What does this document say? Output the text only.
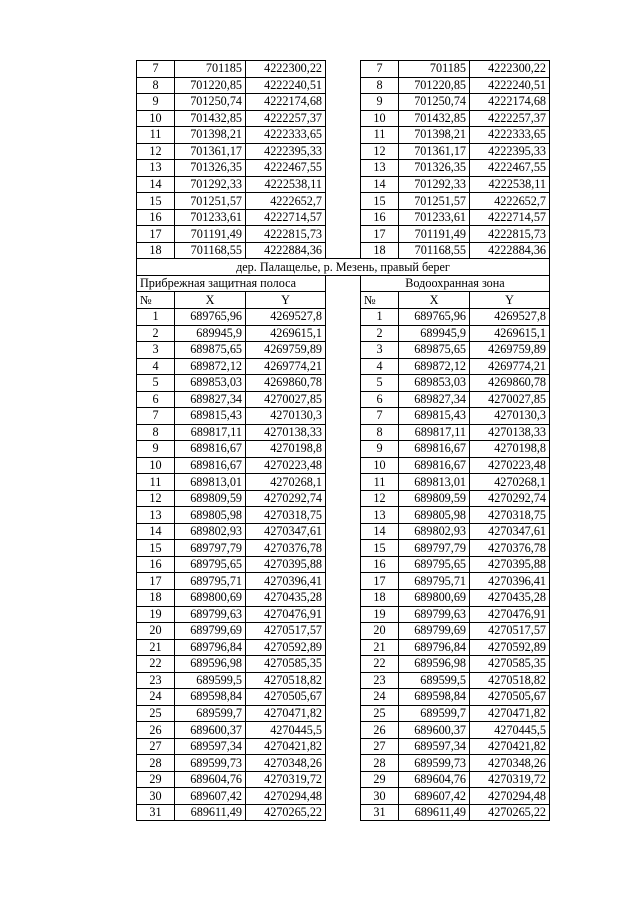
7	701185	4222300,22		7	701185	4222300,22
8	701220,85	4222240,51		8	701220,85	4222240,51
9	701250,74	4222174,68		9	701250,74	4222174,68
10	701432,85	4222257,37		10	701432,85	4222257,37
11	701398,21	4222333,65		11	701398,21	4222333,65
12	701361,17	4222395,33		12	701361,17	4222395,33
13	701326,35	4222467,55		13	701326,35	4222467,55
14	701292,33	4222538,11		14	701292,33	4222538,11
15	701251,57	4222652,7		15	701251,57	4222652,7
16	701233,61	4222714,57		16	701233,61	4222714,57
17	701191,49	4222815,73		17	701191,49	4222815,73
18	701168,55	4222884,36		18	701168,55	4222884,36
дер. Палащелье, р. Мезень, правый берег						
Прибрежная защитная полоса				Водоохранная зона		
№	X	Y		№	X	Y
1	689765,96	4269527,8		1	689765,96	4269527,8
2	689945,9	4269615,1		2	689945,9	4269615,1
3	689875,65	4269759,89		3	689875,65	4269759,89
4	689872,12	4269774,21		4	689872,12	4269774,21
5	689853,03	4269860,78		5	689853,03	4269860,78
6	689827,34	4270027,85		6	689827,34	4270027,85
7	689815,43	4270130,3		7	689815,43	4270130,3
8	689817,11	4270138,33		8	689817,11	4270138,33
9	689816,67	4270198,8		9	689816,67	4270198,8
10	689816,67	4270223,48		10	689816,67	4270223,48
11	689813,01	4270268,1		11	689813,01	4270268,1
12	689809,59	4270292,74		12	689809,59	4270292,74
13	689805,98	4270318,75		13	689805,98	4270318,75
14	689802,93	4270347,61		14	689802,93	4270347,61
15	689797,79	4270376,78		15	689797,79	4270376,78
16	689795,65	4270395,88		16	689795,65	4270395,88
17	689795,71	4270396,41		17	689795,71	4270396,41
18	689800,69	4270435,28		18	689800,69	4270435,28
19	689799,63	4270476,91		19	689799,63	4270476,91
20	689799,69	4270517,57		20	689799,69	4270517,57
21	689796,84	4270592,89		21	689796,84	4270592,89
22	689596,98	4270585,35		22	689596,98	4270585,35
23	689599,5	4270518,82		23	689599,5	4270518,82
24	689598,84	4270505,67		24	689598,84	4270505,67
25	689599,7	4270471,82		25	689599,7	4270471,82
26	689600,37	4270445,5		26	689600,37	4270445,5
27	689597,34	4270421,82		27	689597,34	4270421,82
28	689599,73	4270348,26		28	689599,73	4270348,26
29	689604,76	4270319,72		29	689604,76	4270319,72
30	689607,42	4270294,48		30	689607,42	4270294,48
31	689611,49	4270265,22		31	689611,49	4270265,22
